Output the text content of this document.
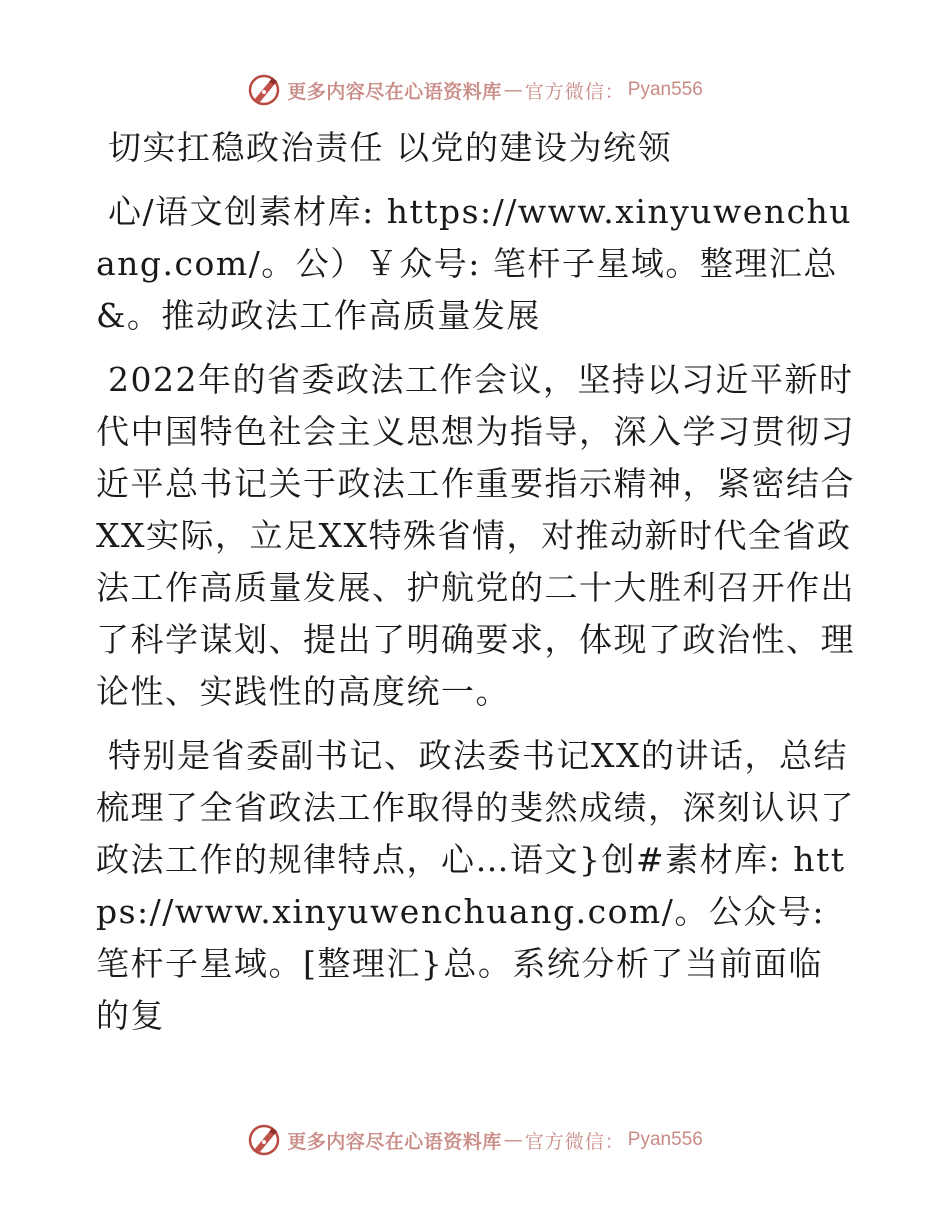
更多内容尽在心语资料库 — 官方微信 ： Pyan556

切实扛稳政治责任 以党的建设为统领

心/语文创素材库: https://www.xinyuwenchuang.com/。公）￥众号: 笔杆子星域。整理汇总&。推动政法工作高质量发展

2022年的省委政法工作会议，坚持以习近平新时代中国特色社会主义思想为指导，深入学习贯彻习近平总书记关于政法工作重要指示精神，紧密结合XX实际，立足XX特殊省情，对推动新时代全省政法工作高质量发展、护航党的二十大胜利召开作出了科学谋划、提出了明确要求，体现了政治性、理论性、实践性的高度统一。

特别是省委副书记、政法委书记XX的讲话，总结梳理了全省政法工作取得的斐然成绩，深刻认识了政法工作的规律特点，心…语文}创#素材库: https://www.xinyuwenchuang.com/。公众号: 笔杆子星域。[整理汇}总。系统分析了当前面临的复

更多内容尽在心语资料库 — 官方微信 ： Pyan556
